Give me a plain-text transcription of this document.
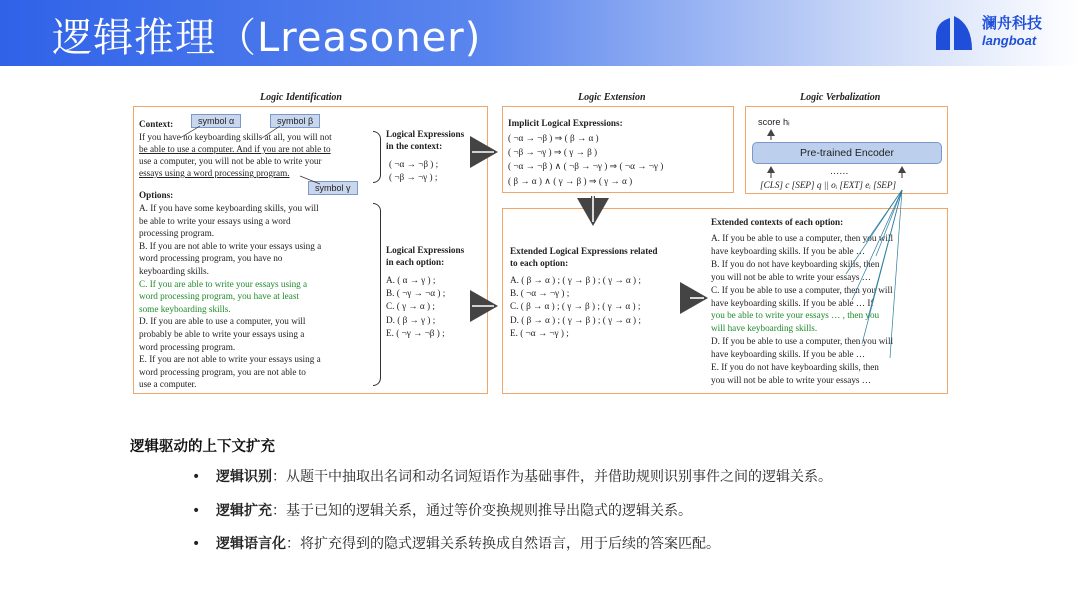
逻辑推理（Lreasoner)	澜舟科技
langboat
Logic Identification	Logic Extension	Logic Verbalization
Context:	symbol α	symbol β
If you have no keyboarding skills at all, you will not
be able to use a computer. And if you are not able to
use a computer, you will not be able to write your
essays using a word processing program.
symbol γ
Options:
A. If you have some keyboarding skills, you will
be able to write your essays using a word
processing program.
B. If you are not able to write your essays using a
word processing program, you have no
keyboarding skills.
C. If you are able to write your essays using a
word processing program, you have at least
some keyboarding skills.
D. If you are able to use a computer, you will
probably be able to write your essays using a
word processing program.
E. If you are not able to write your essays using a
word processing program, you are not able to
use a computer.
Logical Expressions
in the context:
( ¬α → ¬β ) ;
( ¬β → ¬γ ) ;
Logical Expressions
in each option:
A. ( α → γ ) ;
B. ( ¬γ → ¬α ) ;
C. ( γ → α ) ;
D. ( β → γ ) ;
E. ( ¬γ → ¬β ) ;
Implicit Logical Expressions:
( ¬α → ¬β ) ⇒ ( β → α )
( ¬β → ¬γ ) ⇒ ( γ → β )
( ¬α → ¬β ) ∧ ( ¬β → ¬γ ) ⇒ ( ¬α → ¬γ )
( β → α ) ∧ ( γ → β ) ⇒ ( γ → α )
Extended Logical Expressions related
to each option:
A. ( β → α ) ; ( γ → β ) ; ( γ → α ) ;
B. ( ¬α → ¬γ ) ;
C. ( β → α ) ; ( γ → β ) ; ( γ → α ) ;
D. ( β → α ) ; ( γ → β ) ; ( γ → α ) ;
E. ( ¬α → ¬γ ) ;
score hᵢ
Pre-trained Encoder
……
[CLS] c [SEP] q || oᵢ [EXT] eᵢ [SEP]
Extended contexts of each option:
A. If you be able to use a computer, then you will
have keyboarding skills. If you be able …
B. If you do not have keyboarding skills, then
you will not be able to write your essays …
C. If you be able to use a computer, then you will
have keyboarding skills. If you be able … If
you be able to write your essays … , then you
will have keyboarding skills.
D. If you be able to use a computer, then you will
have keyboarding skills. If you be able …
E. If you do not have keyboarding skills, then
you will not be able to write your essays …
逻辑驱动的上下文扩充
• 逻辑识别：从题干中抽取出名词和动名词短语作为基础事件，并借助规则识别事件之间的逻辑关系。
• 逻辑扩充：基于已知的逻辑关系，通过等价变换规则推导出隐式的逻辑关系。
• 逻辑语言化：将扩充得到的隐式逻辑关系转换成自然语言，用于后续的答案匹配。
